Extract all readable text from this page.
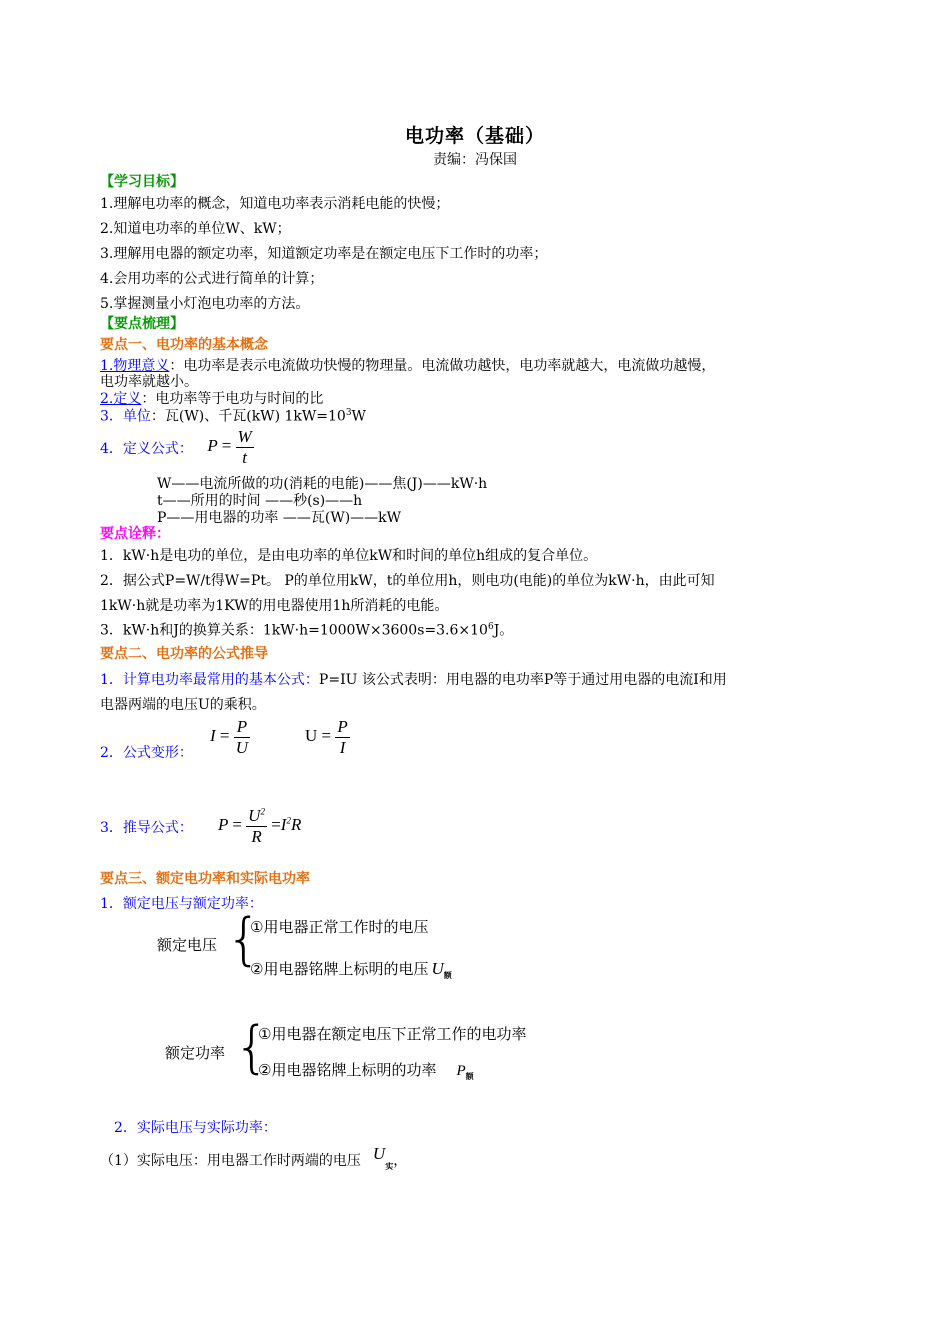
电功率（基础）
责编：冯保国
【学习目标】
1.理解电功率的概念，知道电功率表示消耗电能的快慢；
2.知道电功率的单位W、kW；
3.理解用电器的额定功率，知道额定功率是在额定电压下工作时的功率；
4.会用功率的公式进行简单的计算；
5.掌握测量小灯泡电功率的方法。
【要点梳理】
要点一、电功率的基本概念
1.物理意义：电功率是表示电流做功快慢的物理量。电流做功越快，电功率就越大，电流做功越慢，
电功率就越小。
2.定义：电功率等于电功与时间的比
3．单位：瓦(W)、千瓦(kW) $1kW=10^3W$
4．定义公式： $P = \frac{W}{t}$
W——电流所做的功(消耗的电能)——焦(J)——kW·h
t——所用的时间 ——秒(s)——h
P——用电器的功率 ——瓦(W)——kW
要点诠释：
1．kW·h是电功的单位，是由电功率的单位kW和时间的单位h组成的复合单位。
2．据公式P=W/t得W=Pt。 P的单位用kW，t的单位用h，则电功(电能)的单位为kW·h，由此可知
1kW·h就是功率为1KW的用电器使用1h所消耗的电能。
3．kW·h和J的换算关系：$1kW\cdot h=1000W\times 3600s=3.6\times 10^6J$。
要点二、电功率的公式推导
1．计算电功率最常用的基本公式：P=IU 该公式表明：用电器的电功率P等于通过用电器的电流I和用
电器两端的电压U的乘积。
2．公式变形：
$I = \frac{P}{U}$	$U = \frac{P}{I}$
3．推导公式： $P = \frac{U^2}{R} =I^2R$
要点三、额定电功率和实际电功率
1．额定电压与额定功率：
额定电压 {
①用电器正常工作时的电压
②用电器铭牌上标明的电压 $U_额$
额定功率 {
①用电器在额定电压下正常工作的电功率
②用电器铭牌上标明的功率 $P_额$
2．实际电压与实际功率：
（1）实际电压：用电器工作时两端的电压 $U_实$，
